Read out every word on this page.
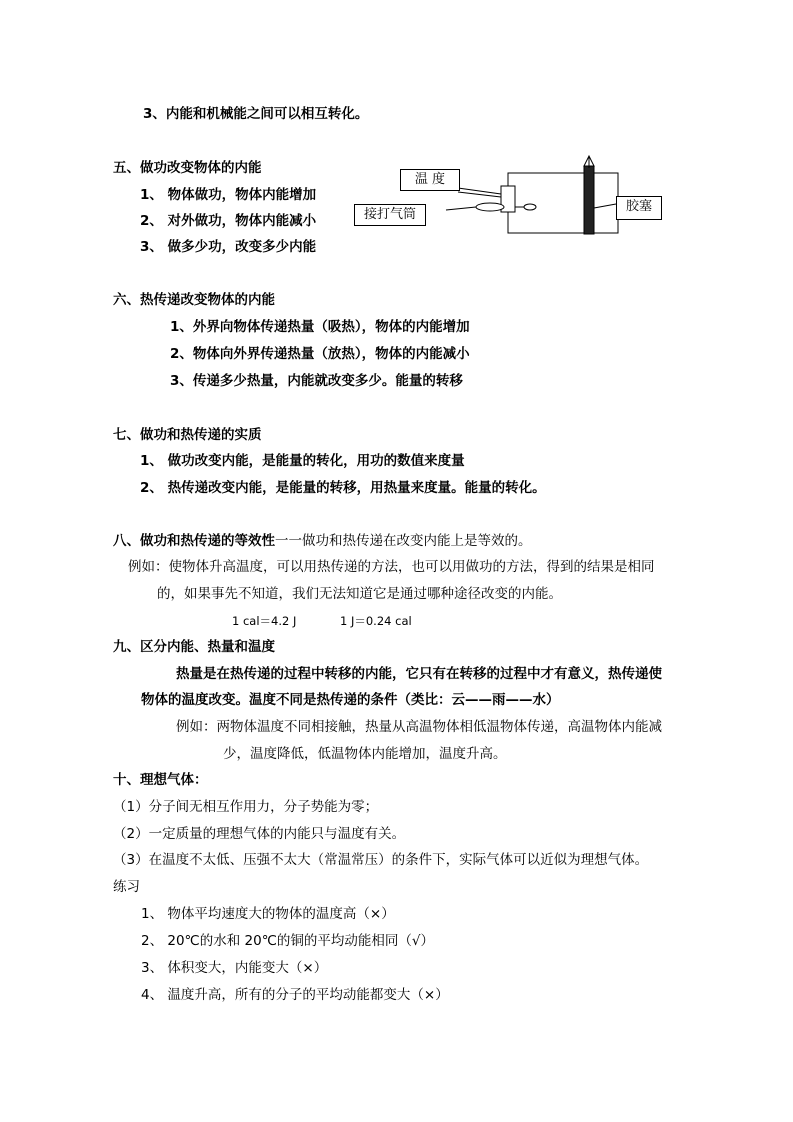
3、内能和机械能之间可以相互转化。
五、做功改变物体的内能
1、 物体做功，物体内能增加
2、 对外做功，物体内能减小
3、 做多少功，改变多少内能
温 度
接打气筒
胶塞
六、热传递改变物体的内能
1、外界向物体传递热量（吸热），物体的内能增加
2、物体向外界传递热量（放热），物体的内能减小
3、传递多少热量，内能就改变多少。能量的转移
七、做功和热传递的实质
1、 做功改变内能，是能量的转化，用功的数值来度量
2、 热传递改变内能，是能量的转移，用热量来度量。能量的转化。
八、做功和热传递的等效性一一做功和热传递在改变内能上是等效的。
例如：使物体升高温度，可以用热传递的方法，也可以用做功的方法，得到的结果是相同
的，如果事先不知道，我们无法知道它是通过哪种途径改变的内能。
1 cal＝4.2 J	1 J＝0.24 cal
九、区分内能、热量和温度
热量是在热传递的过程中转移的内能，它只有在转移的过程中才有意义，热传递使
物体的温度改变。温度不同是热传递的条件（类比：云——雨——水）
例如：两物体温度不同相接触，热量从高温物体相低温物体传递，高温物体内能减
少，温度降低，低温物体内能增加，温度升高。
十、理想气体：
（1）分子间无相互作用力，分子势能为零；
（2）一定质量的理想气体的内能只与温度有关。
（3）在温度不太低、压强不太大（常温常压）的条件下，实际气体可以近似为理想气体。
练习
1、 物体平均速度大的物体的温度高（×）
2、 20℃的水和 20℃的铜的平均动能相同（√）
3、 体积变大，内能变大（×）
4、 温度升高，所有的分子的平均动能都变大（×）
